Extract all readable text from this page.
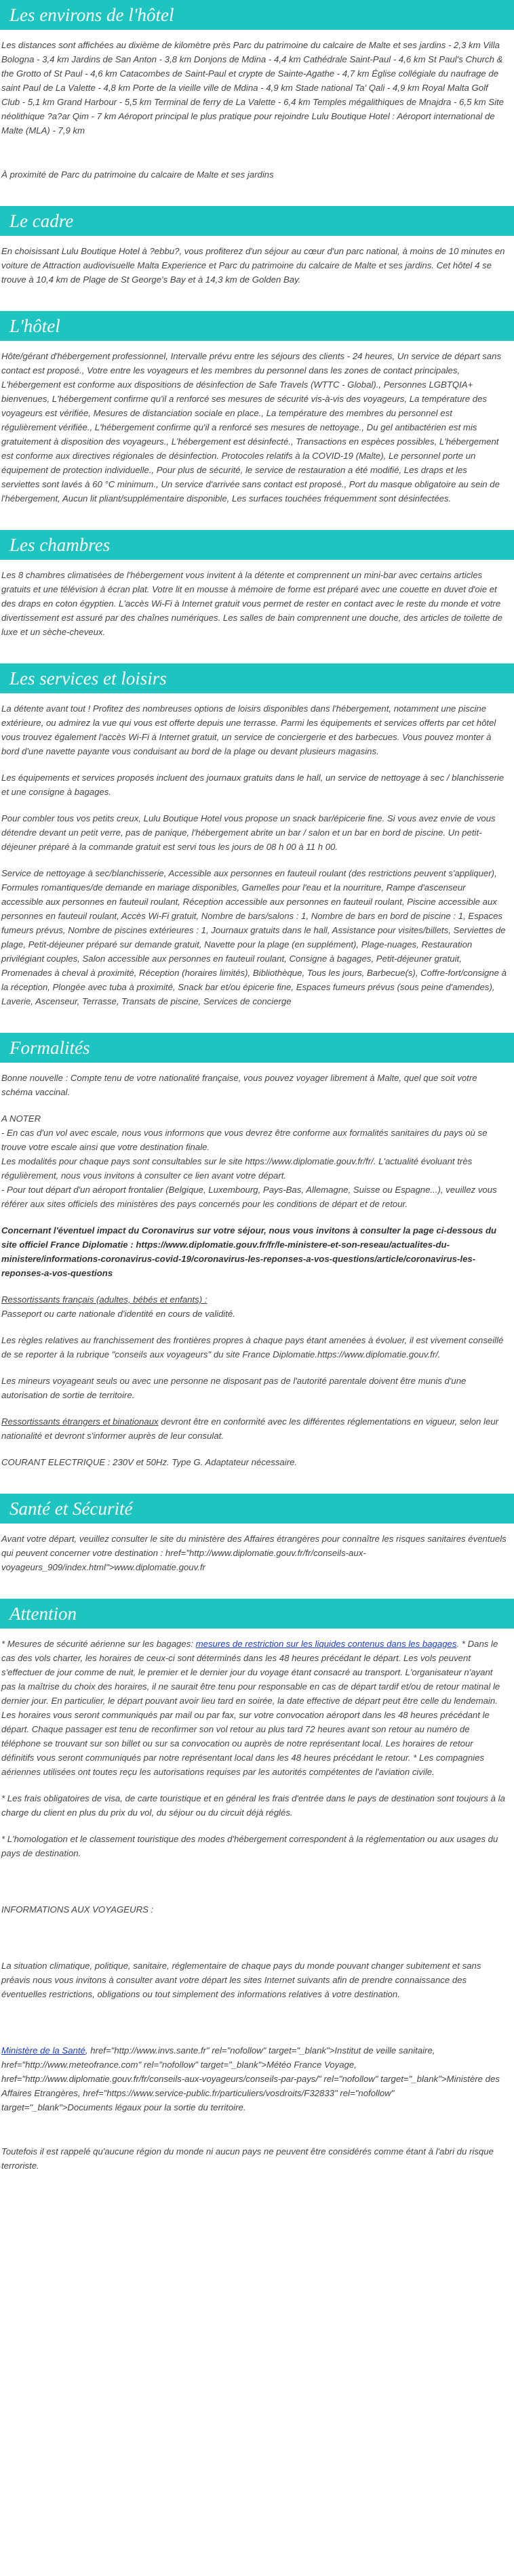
Les environs de l'hôtel

Les distances sont affichées au dixième de kilomètre près Parc du patrimoine du calcaire de Malte et ses jardins - 2,3 km Villa Bologna - 3,4 km Jardins de San Anton - 3,8 km Donjons de Mdina - 4,4 km Cathédrale Saint-Paul - 4,6 km St Paul's Church & the Grotto of St Paul - 4,6 km Catacombes de Saint-Paul et crypte de Sainte-Agathe - 4,7 km Église collégiale du naufrage de saint Paul de La Valette - 4,8 km Porte de la vieille ville de Mdina - 4,9 km Stade national Ta' Qali - 4,9 km Royal Malta Golf Club - 5,1 km Grand Harbour - 5,5 km Terminal de ferry de La Valette - 6,4 km Temples mégalithiques de Mnajdra - 6,5 km Site néolithique ?a?ar Qim - 7 km Aéroport principal le plus pratique pour rejoindre Lulu Boutique Hotel : Aéroport international de Malte (MLA) - 7,9 km

À proximité de Parc du patrimoine du calcaire de Malte et ses jardins

Le cadre

En choisissant Lulu Boutique Hotel à ?ebbu?, vous profiterez d'un séjour au cœur d'un parc national, à moins de 10 minutes en voiture de Attraction audiovisuelle Malta Experience et Parc du patrimoine du calcaire de Malte et ses jardins. Cet hôtel 4 se trouve à 10,4 km de Plage de St George's Bay et à 14,3 km de Golden Bay.

L'hôtel

Hôte/gérant d'hébergement professionnel, Intervalle prévu entre les séjours des clients - 24 heures, Un service de départ sans contact est proposé., Votre entre les voyageurs et les membres du personnel dans les zones de contact principales, L'hébergement est conforme aux dispositions de désinfection de Safe Travels (WTTC - Global)., Personnes LGBTQIA+ bienvenues, L'hébergement confirme qu'il a renforcé ses mesures de sécurité vis-à-vis des voyageurs, La température des voyageurs est vérifiée, Mesures de distanciation sociale en place., La température des membres du personnel est régulièrement vérifiée., L'hébergement confirme qu'il a renforcé ses mesures de nettoyage., Du gel antibactérien est mis gratuitement à disposition des voyageurs., L'hébergement est désinfecté., Transactions en espèces possibles, L'hébergement est conforme aux directives régionales de désinfection. Protocoles relatifs à la COVID-19 (Malte), Le personnel porte un équipement de protection individuelle., Pour plus de sécurité, le service de restauration a été modifié, Les draps et les serviettes sont lavés à 60 °C minimum., Un service d'arrivée sans contact est proposé., Port du masque obligatoire au sein de l'hébergement, Aucun lit pliant/supplémentaire disponible, Les surfaces touchées fréquemment sont désinfectées.

Les chambres

Les 8 chambres climatisées de l'hébergement vous invitent à la détente et comprennent un mini-bar avec certains articles gratuits et une télévision à écran plat. Votre lit en mousse à mémoire de forme est préparé avec une couette en duvet d'oie et des draps en coton égyptien. L'accès Wi-Fi à Internet gratuit vous permet de rester en contact avec le reste du monde et votre divertissement est assuré par des chaînes numériques. Les salles de bain comprennent une douche, des articles de toilette de luxe et un sèche-cheveux.

Les services et loisirs

La détente avant tout ! Profitez des nombreuses options de loisirs disponibles dans l'hébergement, notamment une piscine extérieure, ou admirez la vue qui vous est offerte depuis une terrasse. Parmi les équipements et services offerts par cet hôtel vous trouvez également l'accès Wi-Fi à Internet gratuit, un service de conciergerie et des barbecues. Vous pouvez monter à bord d'une navette payante vous conduisant au bord de la plage ou devant plusieurs magasins.

Les équipements et services proposés incluent des journaux gratuits dans le hall, un service de nettoyage à sec / blanchisserie et une consigne à bagages.

Pour combler tous vos petits creux, Lulu Boutique Hotel vous propose un snack bar/épicerie fine. Si vous avez envie de vous détendre devant un petit verre, pas de panique, l'hébergement abrite un bar / salon et un bar en bord de piscine. Un petit-déjeuner préparé à la commande gratuit est servi tous les jours de 08 h 00 à 11 h 00.

Service de nettoyage à sec/blanchisserie, Accessible aux personnes en fauteuil roulant (des restrictions peuvent s'appliquer), Formules romantiques/de demande en mariage disponibles, Gamelles pour l'eau et la nourriture, Rampe d'ascenseur accessible aux personnes en fauteuil roulant, Réception accessible aux personnes en fauteuil roulant, Piscine accessible aux personnes en fauteuil roulant, Accès Wi-Fi gratuit, Nombre de bars/salons : 1, Nombre de bars en bord de piscine : 1, Espaces fumeurs prévus, Nombre de piscines extérieures : 1, Journaux gratuits dans le hall, Assistance pour visites/billets, Serviettes de plage, Petit-déjeuner préparé sur demande gratuit, Navette pour la plage (en supplément), Plage-nuages, Restauration privilégiant couples, Salon accessible aux personnes en fauteuil roulant, Consigne à bagages, Petit-déjeuner gratuit, Promenades à cheval à proximité, Réception (horaires limités), Bibliothèque, Tous les jours, Barbecue(s), Coffre-fort/consigne à la réception, Plongée avec tuba à proximité, Snack bar et/ou épicerie fine, Espaces fumeurs prévus (sous peine d'amendes), Laverie, Ascenseur, Terrasse, Transats de piscine, Services de concierge

Formalités

Bonne nouvelle : Compte tenu de votre nationalité française, vous pouvez voyager librement à Malte, quel que soit votre schéma vaccinal.

A NOTER
- En cas d'un vol avec escale, nous vous informons que vous devrez être conforme aux formalités sanitaires du pays où se trouve votre escale ainsi que votre destination finale.
Les modalités pour chaque pays sont consultables sur le site https://www.diplomatie.gouv.fr/fr/. L'actualité évoluant très régulièrement, nous vous invitons à consulter ce lien avant votre départ.
- Pour tout départ d'un aéroport frontalier (Belgique, Luxembourg, Pays-Bas, Allemagne, Suisse ou Espagne...), veuillez vous référer aux sites officiels des ministères des pays concernés pour les conditions de départ et de retour.

Concernant l'éventuel impact du Coronavirus sur votre séjour, nous vous invitons à consulter la page ci-dessous du site officiel France Diplomatie : https://www.diplomatie.gouv.fr/fr/le-ministere-et-son-reseau/actualites-du-ministere/informations-coronavirus-covid-19/coronavirus-les-reponses-a-vos-questions/article/coronavirus-les-reponses-a-vos-questions

Ressortissants français (adultes, bébés et enfants) :
Passeport ou carte nationale d'identité en cours de validité.

Les règles relatives au franchissement des frontières propres à chaque pays étant amenées à évoluer, il est vivement conseillé de se reporter à la rubrique "conseils aux voyageurs" du site France Diplomatie.https://www.diplomatie.gouv.fr/.

Les mineurs voyageant seuls ou avec une personne ne disposant pas de l'autorité parentale doivent être munis d'une autorisation de sortie de territoire.

Ressortissants étrangers et binationaux devront être en conformité avec les différentes réglementations en vigueur, selon leur nationalité et devront s'informer auprès de leur consulat.

COURANT ELECTRIQUE : 230V et 50Hz. Type G. Adaptateur nécessaire.

Santé et Sécurité

Avant votre départ, veuillez consulter le site du ministère des Affaires étrangères pour connaître les risques sanitaires éventuels qui peuvent concerner votre destination : href="http://www.diplomatie.gouv.fr/fr/conseils-aux-voyageurs_909/index.html">www.diplomatie.gouv.fr

Attention

* Mesures de sécurité aérienne sur les bagages: mesures de restriction sur les liquides contenus dans les bagages. * Dans le cas des vols charter, les horaires de ceux-ci sont déterminés dans les 48 heures précédant le départ. Les vols peuvent s'effectuer de jour comme de nuit, le premier et le dernier jour du voyage étant consacré au transport. L'organisateur n'ayant pas la maîtrise du choix des horaires, il ne saurait être tenu pour responsable en cas de départ tardif et/ou de retour matinal le dernier jour. En particulier, le départ pouvant avoir lieu tard en soirée, la date effective de départ peut être celle du lendemain. Les horaires vous seront communiqués par mail ou par fax, sur votre convocation aéroport dans les 48 heures précédant le départ. Chaque passager est tenu de reconfirmer son vol retour au plus tard 72 heures avant son retour au numéro de téléphone se trouvant sur son billet ou sur sa convocation ou auprès de notre représentant local. Les horaires de retour définitifs vous seront communiqués par notre représentant local dans les 48 heures précédant le retour. * Les compagnies aériennes utilisées ont toutes reçu les autorisations requises par les autorités compétentes de l'aviation civile.

* Les frais obligatoires de visa, de carte touristique et en général les frais d'entrée dans le pays de destination sont toujours à la charge du client en plus du prix du vol, du séjour ou du circuit déjà réglés.

* L'homologation et le classement touristique des modes d'hébergement correspondent à la réglementation ou aux usages du pays de destination.

INFORMATIONS AUX VOYAGEURS :

La situation climatique, politique, sanitaire, réglementaire de chaque pays du monde pouvant changer subitement et sans préavis nous vous invitons à consulter avant votre départ les sites Internet suivants afin de prendre connaissance des éventuelles restrictions, obligations ou tout simplement des informations relatives à votre destination.

Ministère de la Santé, href="http://www.invs.sante.fr" rel="nofollow" target="_blank">Institut de veille sanitaire, href="http://www.meteofrance.com" rel="nofollow" target="_blank">Météo France Voyage, href="http://www.diplomatie.gouv.fr/fr/conseils-aux-voyageurs/conseils-par-pays/" rel="nofollow" target="_blank">Ministère des Affaires Etrangères, href="https://www.service-public.fr/particuliers/vosdroits/F32833" rel="nofollow" target="_blank">Documents légaux pour la sortie du territoire.

Toutefois il est rappelé qu'aucune région du monde ni aucun pays ne peuvent être considérés comme étant à l'abri du risque terroriste.
